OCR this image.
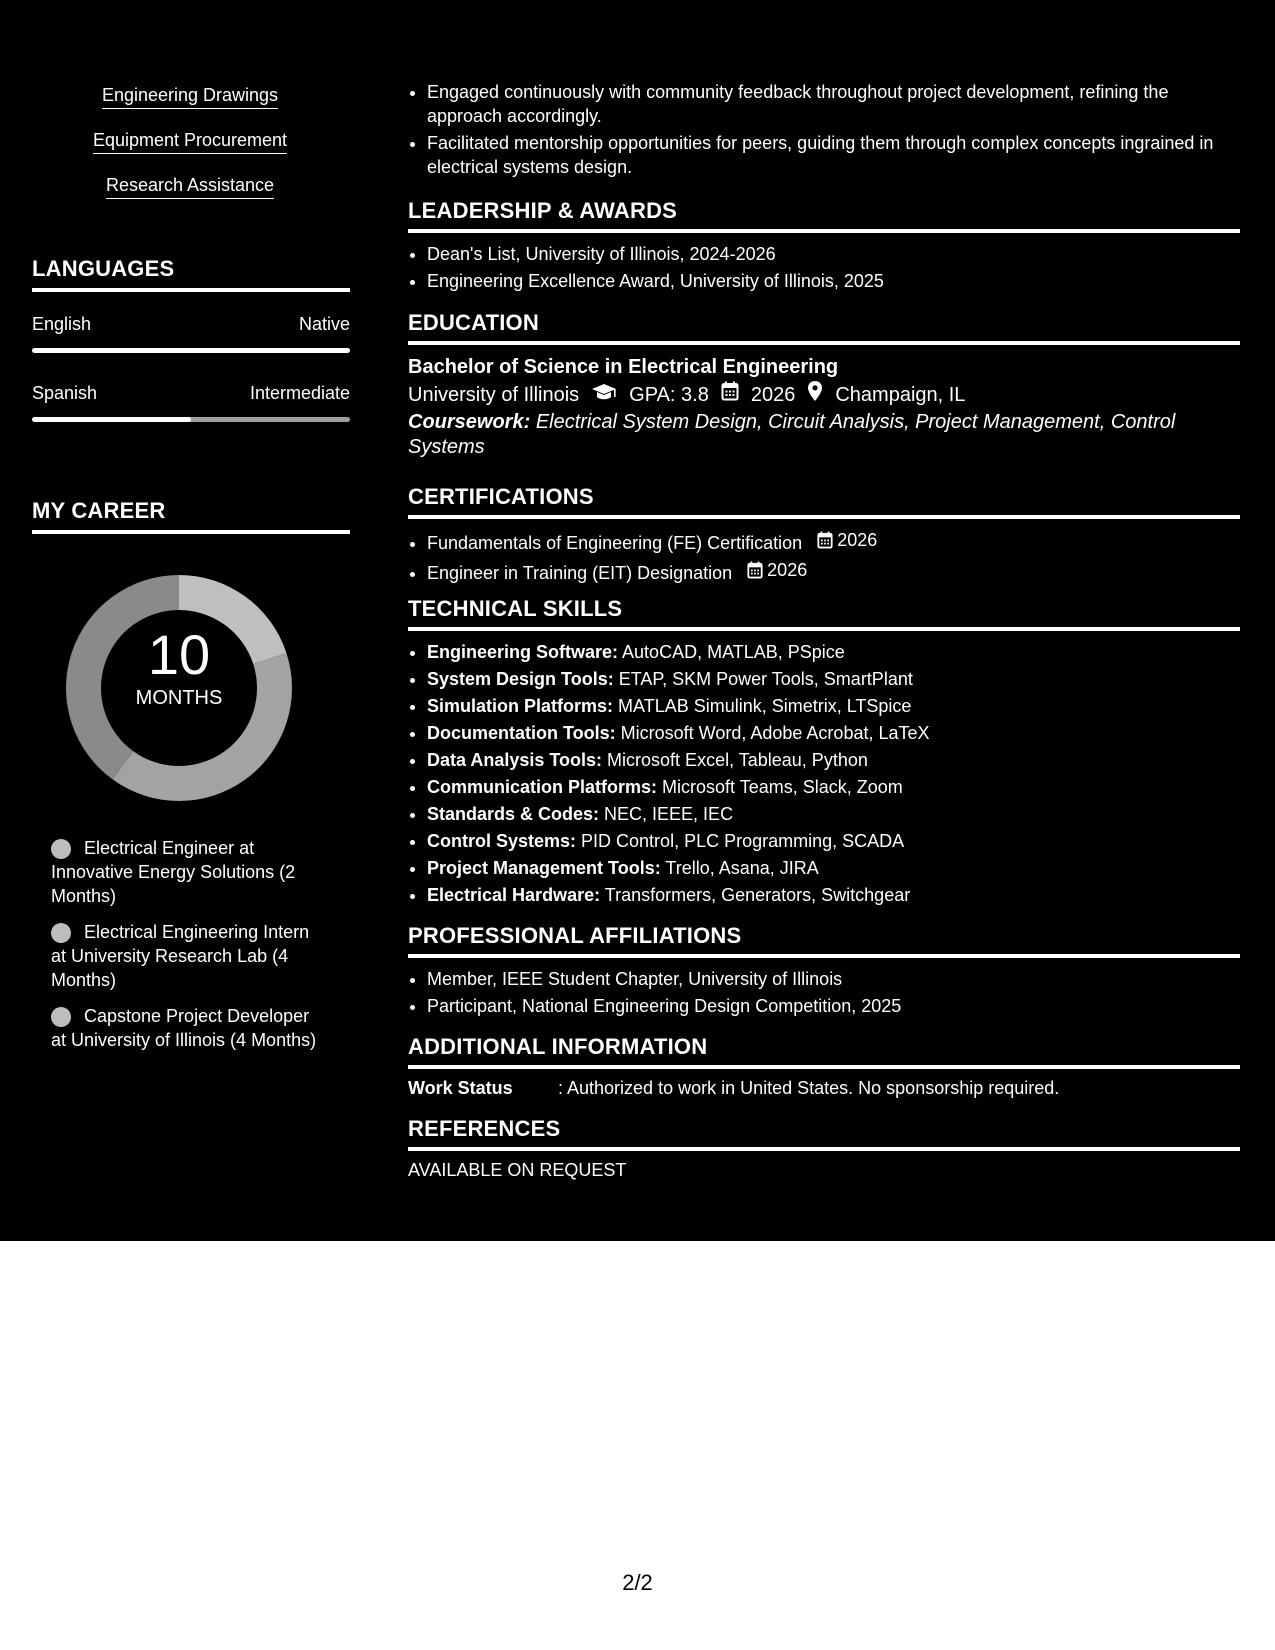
Engineering Drawings
Equipment Procurement
Research Assistance
LANGUAGES
English	Native
Spanish	Intermediate
MY CAREER
10
MONTHS
Electrical Engineer at Innovative Energy Solutions (2 Months)
Electrical Engineering Intern at University Research Lab (4 Months)
Capstone Project Developer at University of Illinois (4 Months)
• Engaged continuously with community feedback throughout project development, refining the approach accordingly.
• Facilitated mentorship opportunities for peers, guiding them through complex concepts ingrained in electrical systems design.
LEADERSHIP & AWARDS
• Dean's List, University of Illinois, 2024-2026
• Engineering Excellence Award, University of Illinois, 2025
EDUCATION
Bachelor of Science in Electrical Engineering
University of Illinois	GPA: 3.8 2026 Champaign, IL
Coursework: Electrical System Design, Circuit Analysis, Project Management, Control Systems
CERTIFICATIONS
• Fundamentals of Engineering (FE) Certification 2026
• Engineer in Training (EIT) Designation 2026
TECHNICAL SKILLS
• Engineering Software: AutoCAD, MATLAB, PSpice
• System Design Tools: ETAP, SKM Power Tools, SmartPlant
• Simulation Platforms: MATLAB Simulink, Simetrix, LTSpice
• Documentation Tools: Microsoft Word, Adobe Acrobat, LaTeX
• Data Analysis Tools: Microsoft Excel, Tableau, Python
• Communication Platforms: Microsoft Teams, Slack, Zoom
• Standards & Codes: NEC, IEEE, IEC
• Control Systems: PID Control, PLC Programming, SCADA
• Project Management Tools: Trello, Asana, JIRA
• Electrical Hardware: Transformers, Generators, Switchgear
PROFESSIONAL AFFILIATIONS
• Member, IEEE Student Chapter, University of Illinois
• Participant, National Engineering Design Competition, 2025
ADDITIONAL INFORMATION
Work Status	: Authorized to work in United States. No sponsorship required.
REFERENCES
AVAILABLE ON REQUEST
2/2
